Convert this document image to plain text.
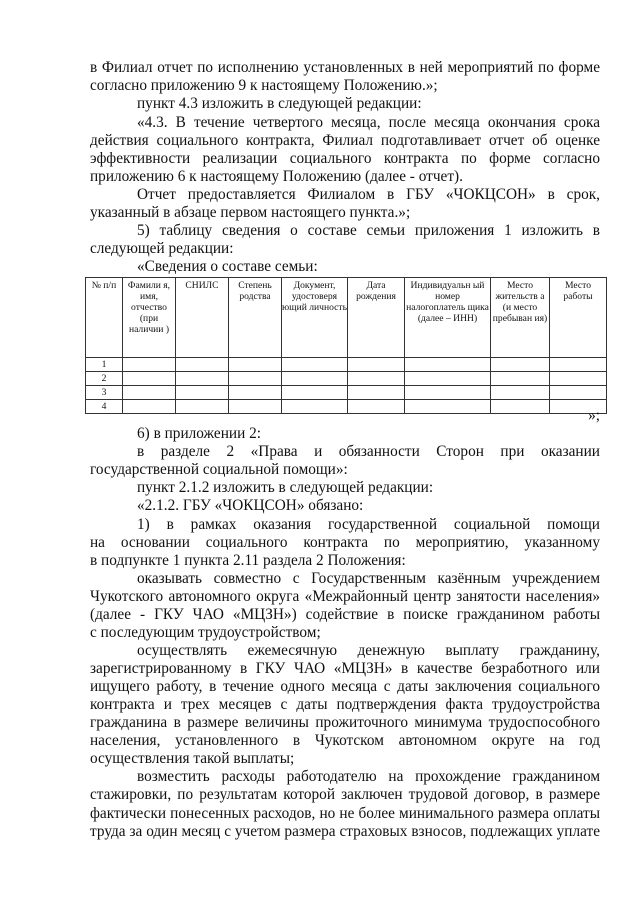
в Филиал отчет по исполнению установленных в ней мероприятий по форме
согласно приложению 9 к настоящему Положению.»;
пункт 4.3 изложить в следующей редакции:
«4.3. В течение четвертого месяца, после месяца окончания срока
действия социального контракта, Филиал подготавливает отчет об оценке
эффективности реализации социального контракта по форме согласно
приложению 6 к настоящему Положению (далее - отчет).
Отчет предоставляется Филиалом в ГБУ «ЧОКЦСОН» в срок,
указанный в абзаце первом настоящего пункта.»;
5) таблицу сведения о составе семьи приложения 1 изложить в
следующей редакции:
«Сведения о составе семьи:
№ п/п	Фамили я, имя, отчество (при наличии )	СНИЛС	Степень родства	Документ, удостоверя ющий личность	Дата рождения	Индивидуальн ый номер налогоплатель щика (далее – ИНН)	Место жительств а (и место пребыван ия)	Место работы
1								
2								
3								
4								
»;
6) в приложении 2:
в разделе 2 «Права и обязанности Сторон при оказании
государственной социальной помощи»:
пункт 2.1.2 изложить в следующей редакции:
«2.1.2. ГБУ «ЧОКЦСОН» обязано:
1) в рамках оказания государственной социальной помощи
на основании социального контракта по мероприятию, указанному
в подпункте 1 пункта 2.11 раздела 2 Положения:
оказывать совместно с Государственным казённым учреждением
Чукотского автономного округа «Межрайонный центр занятости населения»
(далее - ГКУ ЧАО «МЦЗН») содействие в поиске гражданином работы
с последующим трудоустройством;
осуществлять ежемесячную денежную выплату гражданину,
зарегистрированному в ГКУ ЧАО «МЦЗН» в качестве безработного или
ищущего работу, в течение одного месяца с даты заключения социального
контракта и трех месяцев с даты подтверждения факта трудоустройства
гражданина в размере величины прожиточного минимума трудоспособного
населения, установленного в Чукотском автономном округе на год
осуществления такой выплаты;
возместить расходы работодателю на прохождение гражданином
стажировки, по результатам которой заключен трудовой договор, в размере
фактически понесенных расходов, но не более минимального размера оплаты
труда за один месяц с учетом размера страховых взносов, подлежащих уплате
